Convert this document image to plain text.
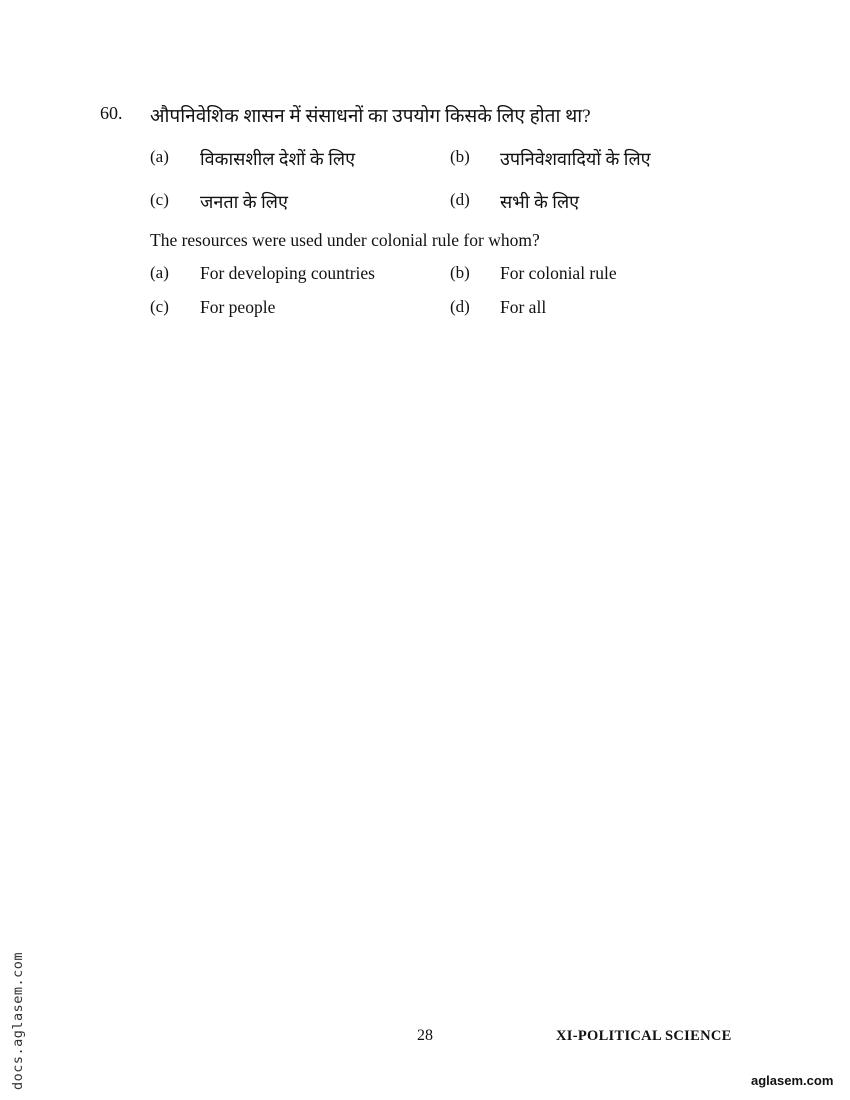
60. औपनिवेशिक शासन में संसाधनों का उपयोग किसके लिए होता था?
(a) विकासशील देशों के लिए	(b) उपनिवेशवादियों के लिए
(c) जनता के लिए	(d) सभी के लिए
The resources were used under colonial rule for whom?
(a) For developing countries	(b) For colonial rule
(c) For people	(d) For all
28	XI-POLITICAL SCIENCE
docs.aglasem.com	aglasem.com
